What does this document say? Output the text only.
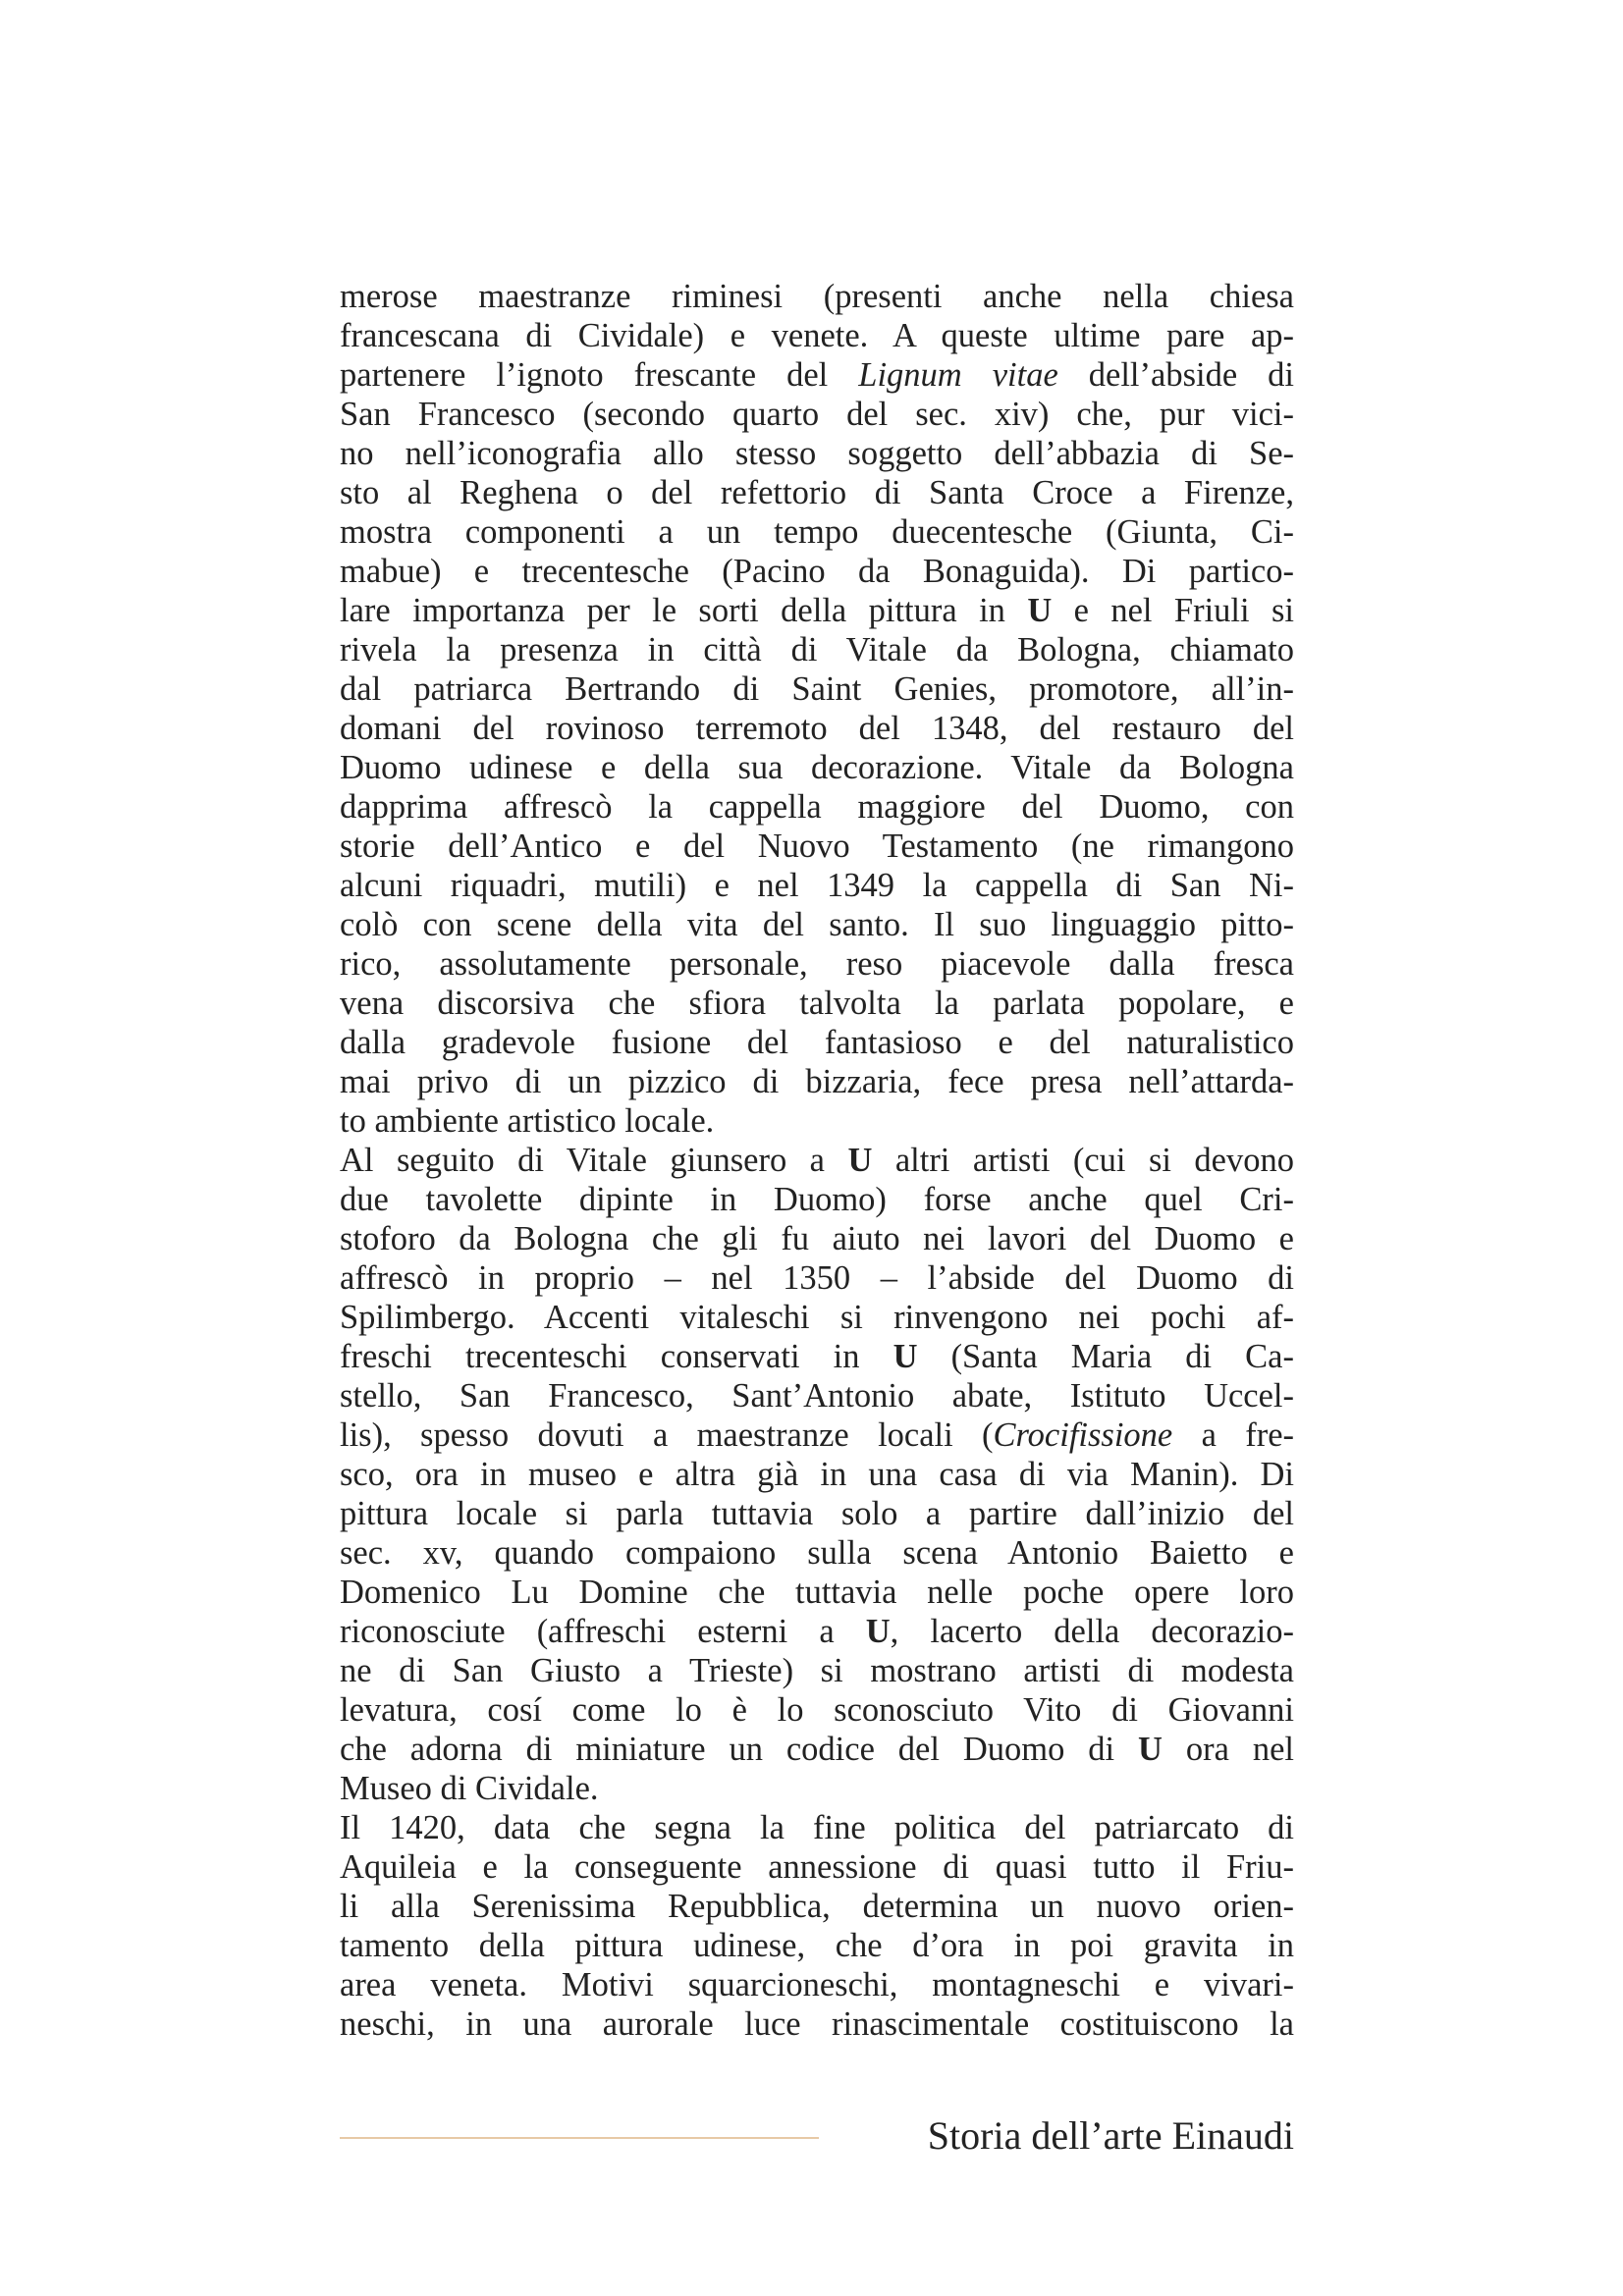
merose maestranze riminesi (presenti anche nella chiesa
francescana di Cividale) e venete. A queste ultime pare ap-
partenere l’ignoto frescante del Lignum vitae dell’abside di
San Francesco (secondo quarto del sec. xiv) che, pur vici-
no nell’iconografia allo stesso soggetto dell’abbazia di Se-
sto al Reghena o del refettorio di Santa Croce a Firenze,
mostra componenti a un tempo duecentesche (Giunta, Ci-
mabue) e trecentesche (Pacino da Bonaguida). Di partico-
lare importanza per le sorti della pittura in U e nel Friuli si
rivela la presenza in città di Vitale da Bologna, chiamato
dal patriarca Bertrando di Saint Genies, promotore, all’in-
domani del rovinoso terremoto del 1348, del restauro del
Duomo udinese e della sua decorazione. Vitale da Bologna
dapprima affrescò la cappella maggiore del Duomo, con
storie dell’Antico e del Nuovo Testamento (ne rimangono
alcuni riquadri, mutili) e nel 1349 la cappella di San Ni-
colò con scene della vita del santo. Il suo linguaggio pitto-
rico, assolutamente personale, reso piacevole dalla fresca
vena discorsiva che sfiora talvolta la parlata popolare, e
dalla gradevole fusione del fantasioso e del naturalistico
mai privo di un pizzico di bizzaria, fece presa nell’attarda-
to ambiente artistico locale.
Al seguito di Vitale giunsero a U altri artisti (cui si devono
due tavolette dipinte in Duomo) forse anche quel Cri-
stoforo da Bologna che gli fu aiuto nei lavori del Duomo e
affrescò in proprio – nel 1350 – l’abside del Duomo di
Spilimbergo. Accenti vitaleschi si rinvengono nei pochi af-
freschi trecenteschi conservati in U (Santa Maria di Ca-
stello, San Francesco, Sant’Antonio abate, Istituto Uccel-
lis), spesso dovuti a maestranze locali (Crocifissione a fre-
sco, ora in museo e altra già in una casa di via Manin). Di
pittura locale si parla tuttavia solo a partire dall’inizio del
sec. xv, quando compaiono sulla scena Antonio Baietto e
Domenico Lu Domine che tuttavia nelle poche opere loro
riconosciute (affreschi esterni a U, lacerto della decorazio-
ne di San Giusto a Trieste) si mostrano artisti di modesta
levatura, cosí come lo è lo sconosciuto Vito di Giovanni
che adorna di miniature un codice del Duomo di U ora nel
Museo di Cividale.
Il 1420, data che segna la fine politica del patriarcato di
Aquileia e la conseguente annessione di quasi tutto il Friu-
li alla Serenissima Repubblica, determina un nuovo orien-
tamento della pittura udinese, che d’ora in poi gravita in
area veneta. Motivi squarcioneschi, montagneschi e vivari-
neschi, in una aurorale luce rinascimentale costituiscono la
Storia dell’arte Einaudi
